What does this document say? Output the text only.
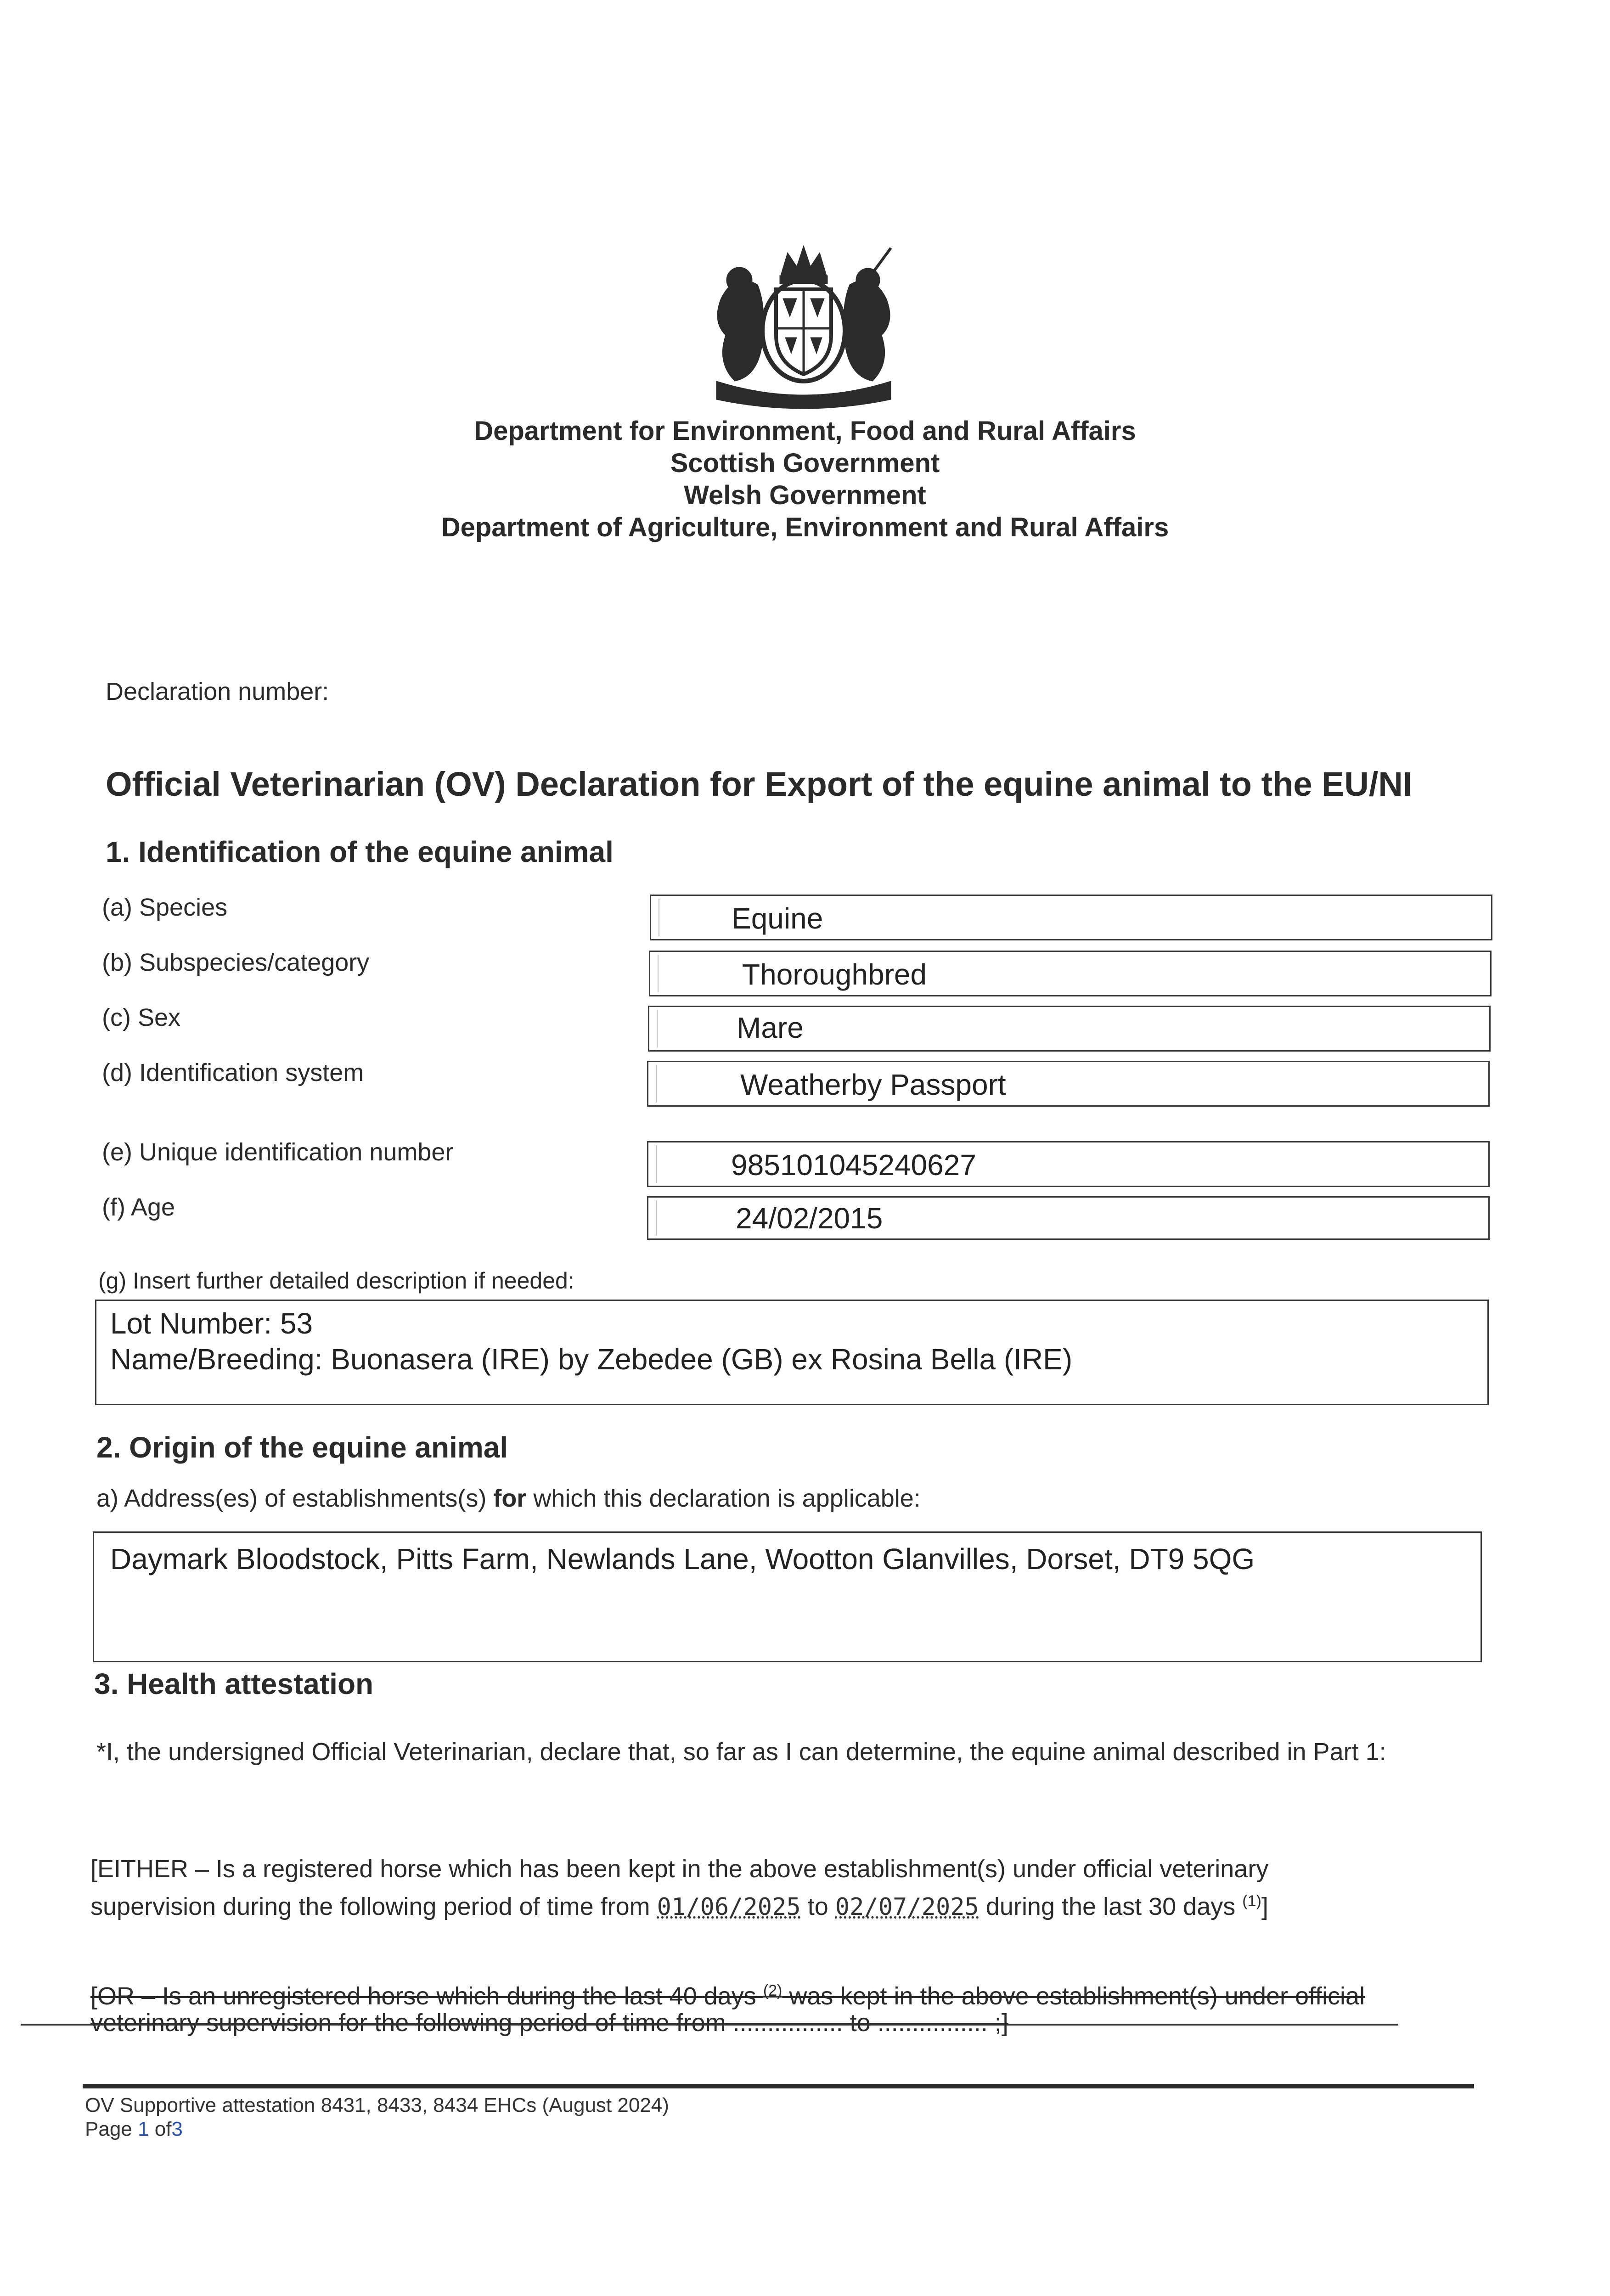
Department for Environment, Food and Rural Affairs
Scottish Government
Welsh Government
Department of Agriculture, Environment and Rural Affairs
Declaration number:
Official Veterinarian (OV) Declaration for Export of the equine animal to the EU/NI
1. Identification of the equine animal
(a) Species	Equine
(b) Subspecies/category	Thoroughbred
(c) Sex	Mare
(d) Identification system	Weatherby Passport
(e) Unique identification number	985101045240627
(f) Age	24/02/2015
(g) Insert further detailed description if needed:
Lot Number: 53
Name/Breeding: Buonasera (IRE) by Zebedee (GB) ex Rosina Bella (IRE)
2. Origin of the equine animal
a) Address(es) of establishments(s) for which this declaration is applicable:
Daymark Bloodstock, Pitts Farm, Newlands Lane, Wootton Glanvilles, Dorset, DT9 5QG
3. Health attestation
*I, the undersigned Official Veterinarian, declare that, so far as I can determine, the equine animal described in Part 1:
[EITHER – Is a registered horse which has been kept in the above establishment(s) under official veterinary
supervision during the following period of time from 01/06/2025 to 02/07/2025 during the last 30 days $^{(1)}$]
[OR – Is an unregistered horse which during the last 40 days $^{(2)}$ was kept in the above establishment(s) under official
veterinary supervision for the following period of time from ................ to ................ ;]
OV Supportive attestation 8431, 8433, 8434 EHCs (August 2024)
Page 1 of3
